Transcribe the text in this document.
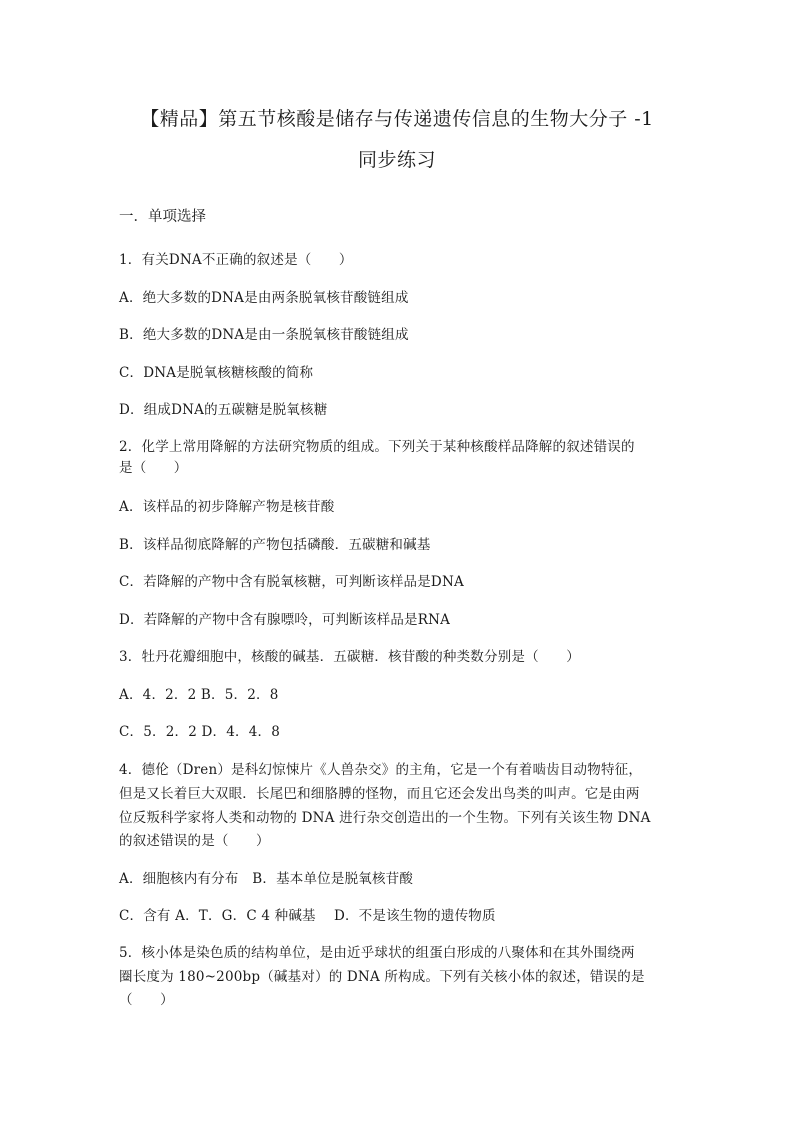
【精品】第五节核酸是储存与传递遗传信息的生物大分子 -1
同步练习
一．单项选择
1．有关DNA不正确的叙述是（　　）
A．绝大多数的DNA是由两条脱氧核苷酸链组成
B．绝大多数的DNA是由一条脱氧核苷酸链组成
C．DNA是脱氧核糖核酸的简称
D．组成DNA的五碳糖是脱氧核糖
2．化学上常用降解的方法研究物质的组成。下列关于某种核酸样品降解的叙述错误的
是（　　）
A．该样品的初步降解产物是核苷酸
B．该样品彻底降解的产物包括磷酸．五碳糖和碱基
C．若降解的产物中含有脱氧核糖，可判断该样品是DNA
D．若降解的产物中含有腺嘌呤，可判断该样品是RNA
3．牡丹花瓣细胞中，核酸的碱基．五碳糖．核苷酸的种类数分别是（　　）
A．4．2．2 B．5．2．8
C．5．2．2 D．4．4．8
4．德伦（Dren）是科幻惊悚片《人兽杂交》的主角，它是一个有着啮齿目动物特征，
但是又长着巨大双眼．长尾巴和细胳膊的怪物，而且它还会发出鸟类的叫声。它是由两
位反叛科学家将人类和动物的 DNA 进行杂交创造出的一个生物。下列有关该生物 DNA
的叙述错误的是（　　）
A．细胞核内有分布　B．基本单位是脱氧核苷酸
C．含有 A．T．G．C 4 种碱基　 D．不是该生物的遗传物质
5．核小体是染色质的结构单位，是由近乎球状的组蛋白形成的八聚体和在其外围绕两
圈长度为 180~200bp（碱基对）的 DNA 所构成。下列有关核小体的叙述，错误的是
（　　）
